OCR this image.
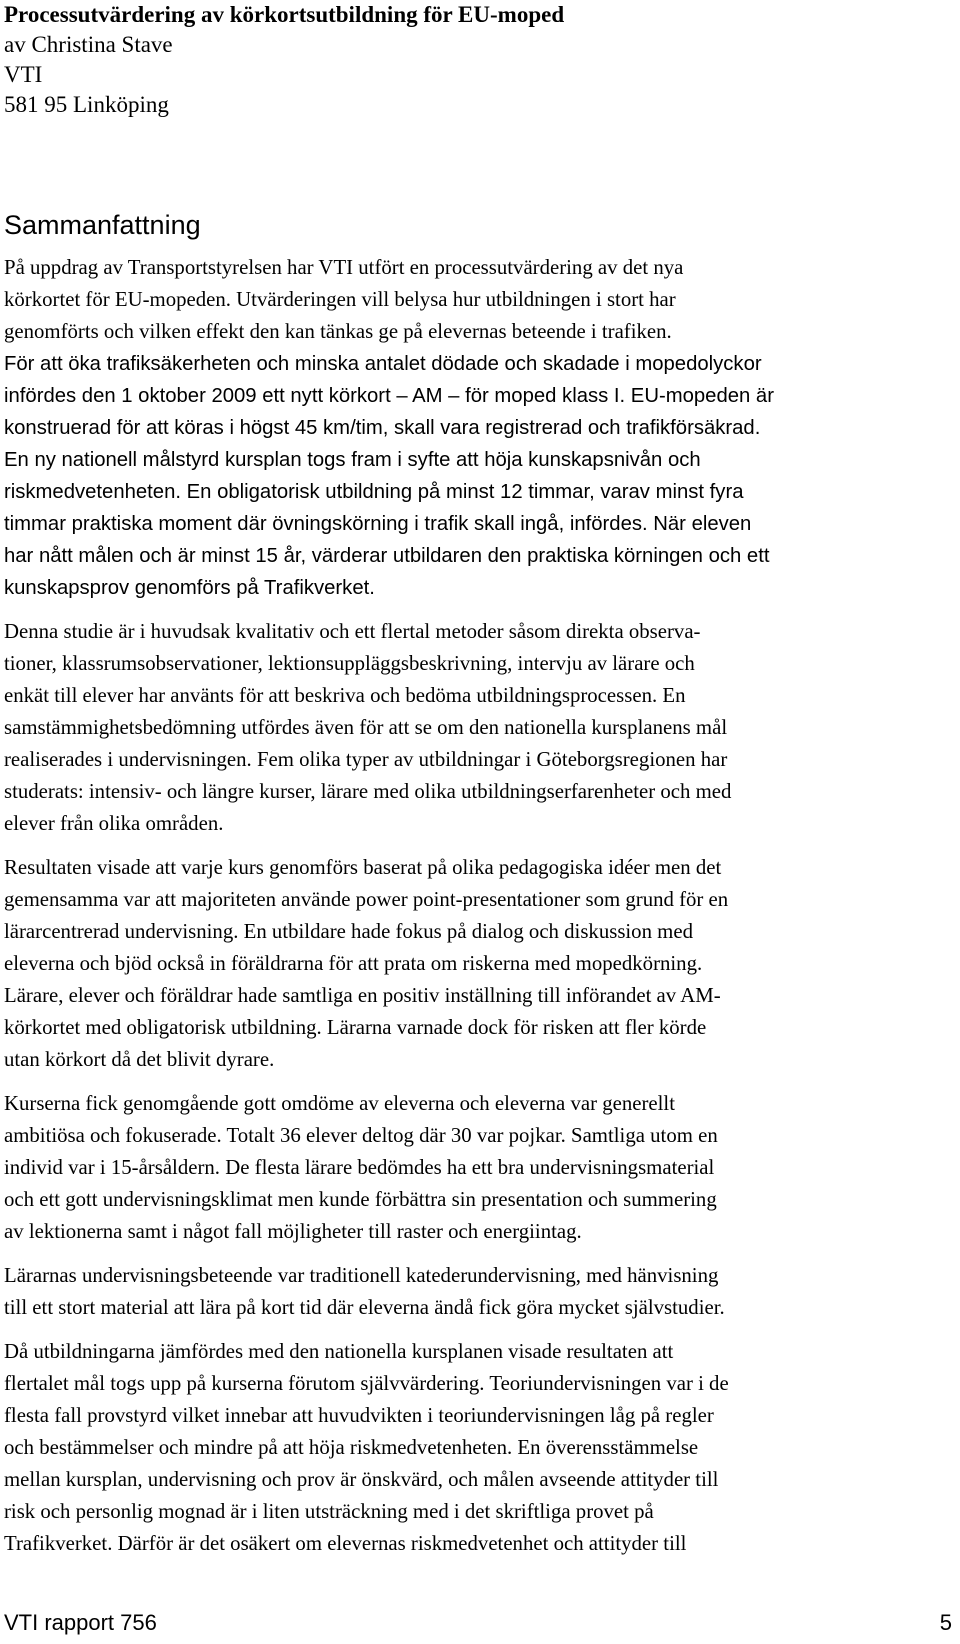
Processutvärdering av körkortsutbildning för EU-moped
av Christina Stave
VTI
581 95 Linköping
Sammanfattning

På uppdrag av Transportstyrelsen har VTI utfört en processutvärdering av det nya
körkortet för EU-mopeden. Utvärderingen vill belysa hur utbildningen i stort har
genomförts och vilken effekt den kan tänkas ge på elevernas beteende i trafiken.

För att öka trafiksäkerheten och minska antalet dödade och skadade i mopedolyckor
infördes den 1 oktober 2009 ett nytt körkort – AM – för moped klass I. EU-mopeden är
konstruerad för att köras i högst 45 km/tim, skall vara registrerad och trafikförsäkrad.
En ny nationell målstyrd kursplan togs fram i syfte att höja kunskapsnivån och
riskmedvetenheten. En obligatorisk utbildning på minst 12 timmar, varav minst fyra
timmar praktiska moment där övningskörning i trafik skall ingå, infördes. När eleven
har nått målen och är minst 15 år, värderar utbildaren den praktiska körningen och ett
kunskapsprov genomförs på Trafikverket.

Denna studie är i huvudsak kvalitativ och ett flertal metoder såsom direkta observa-
tioner, klassrumsobservationer, lektionsuppläggsbeskrivning, intervju av lärare och
enkät till elever har använts för att beskriva och bedöma utbildningsprocessen. En
samstämmighetsbedömning utfördes även för att se om den nationella kursplanens mål
realiserades i undervisningen. Fem olika typer av utbildningar i Göteborgsregionen har
studerats: intensiv- och längre kurser, lärare med olika utbildningserfarenheter och med
elever från olika områden.

Resultaten visade att varje kurs genomförs baserat på olika pedagogiska idéer men det
gemensamma var att majoriteten använde power point-presentationer som grund för en
lärarcentrerad undervisning. En utbildare hade fokus på dialog och diskussion med
eleverna och bjöd också in föräldrarna för att prata om riskerna med mopedkörning.
Lärare, elever och föräldrar hade samtliga en positiv inställning till införandet av AM-
körkortet med obligatorisk utbildning. Lärarna varnade dock för risken att fler körde
utan körkort då det blivit dyrare.

Kurserna fick genomgående gott omdöme av eleverna och eleverna var generellt
ambitiösa och fokuserade. Totalt 36 elever deltog där 30 var pojkar. Samtliga utom en
individ var i 15-årsåldern. De flesta lärare bedömdes ha ett bra undervisningsmaterial
och ett gott undervisningsklimat men kunde förbättra sin presentation och summering
av lektionerna samt i något fall möjligheter till raster och energiintag.

Lärarnas undervisningsbeteende var traditionell katederundervisning, med hänvisning
till ett stort material att lära på kort tid där eleverna ändå fick göra mycket självstudier.

Då utbildningarna jämfördes med den nationella kursplanen visade resultaten att
flertalet mål togs upp på kurserna förutom självvärdering. Teoriundervisningen var i de
flesta fall provstyrd vilket innebar att huvudvikten i teoriundervisningen låg på regler
och bestämmelser och mindre på att höja riskmedvetenheten. En överensstämmelse
mellan kursplan, undervisning och prov är önskvärd, och målen avseende attityder till
risk och personlig mognad är i liten utsträckning med i det skriftliga provet på
Trafikverket. Därför är det osäkert om elevernas riskmedvetenhet och attityder till

VTI rapport 756	5
